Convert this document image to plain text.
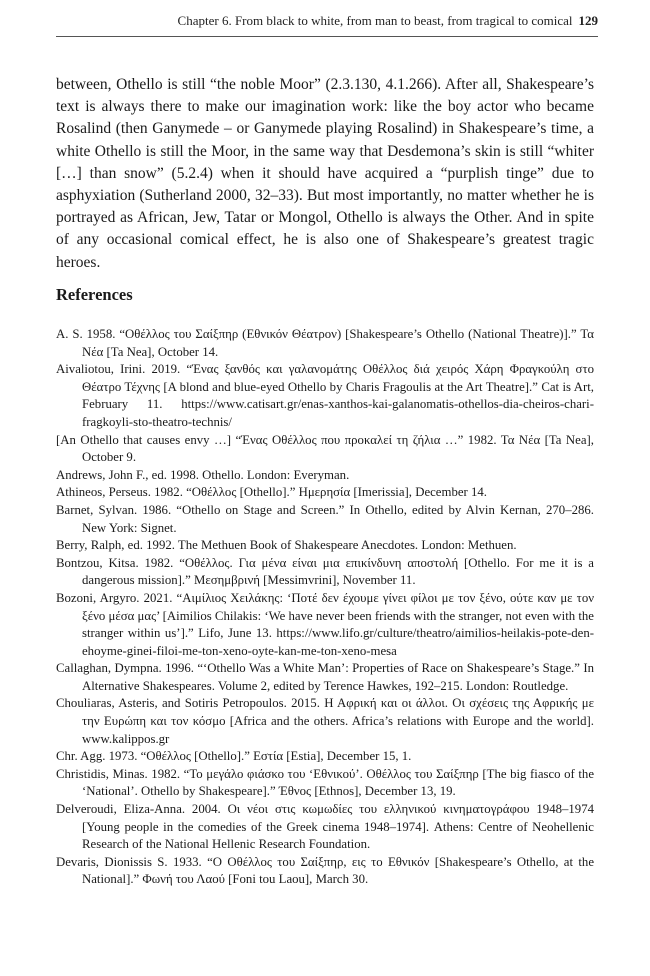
Chapter 6. From black to white, from man to beast, from tragical to comical 129

between, Othello is still “the noble Moor” (2.3.130, 4.1.266). After all, Shakespeare’s text is always there to make our imagination work: like the boy actor who became Rosalind (then Ganymede – or Ganymede playing Rosalind) in Shakespeare’s time, a white Othello is still the Moor, in the same way that Desdemona’s skin is still “whiter […] than snow” (5.2.4) when it should have acquired a “purplish tinge” due to asphyxiation (Sutherland 2000, 32–33). But most importantly, no matter whether he is portrayed as African, Jew, Tatar or Mongol, Othello is always the Other. And in spite of any occasional comical effect, he is also one of Shakespeare’s greatest tragic heroes.

References
A. S. 1958. “Οθέλλος του Σαίξπηρ (Εθνικόν Θέατρον) [Shakespeare’s Othello (National Theatre)].” Τα Νέα [Ta Nea], October 14.
Aivaliotou, Irini. 2019. “Ένας ξανθός και γαλανομάτης Οθέλλος διά χειρός Χάρη Φραγκούλη στο Θέατρο Τέχνης [A blond and blue-eyed Othello by Charis Fragoulis at the Art Theatre].” Cat is Art, February 11. https://www.catisart.gr/enas-xanthos-kai-galanomatis-othellos-dia-cheiros-chari-fragkoyli-sto-theatro-technis/
[An Othello that causes envy …] “Ένας Οθέλλος που προκαλεί τη ζήλια …” 1982. Τα Νέα [Ta Nea], October 9.
Andrews, John F., ed. 1998. Othello. London: Everyman.
Athineos, Perseus. 1982. “Οθέλλος [Othello].” Ημερησία [Imerissia], December 14.
Barnet, Sylvan. 1986. “Othello on Stage and Screen.” In Othello, edited by Alvin Kernan, 270–286. New York: Signet.
Berry, Ralph, ed. 1992. The Methuen Book of Shakespeare Anecdotes. London: Methuen.
Bontzou, Kitsa. 1982. “Οθέλλος. Για μένα είναι μια επικίνδυνη αποστολή [Othello. For me it is a dangerous mission].” Μεσημβρινή [Messimvrini], November 11.
Bozoni, Argyro. 2021. “Αιμίλιος Χειλάκης: ‘Ποτέ δεν έχουμε γίνει φίλοι με τον ξένο, ούτε καν με τον ξένο μέσα μας’ [Aimilios Chilakis: ‘We have never been friends with the stranger, not even with the stranger within us’].” Lifo, June 13. https://www.lifo.gr/culture/theatro/aimilios-heilakis-pote-den-ehoyme-ginei-filoi-me-ton-xeno-oyte-kan-me-ton-xeno-mesa
Callaghan, Dympna. 1996. “‘Othello Was a White Man’: Properties of Race on Shakespeare’s Stage.” In Alternative Shakespeares. Volume 2, edited by Terence Hawkes, 192–215. London: Routledge.
Chouliaras, Asteris, and Sotiris Petropoulos. 2015. Η Αφρική και οι άλλοι. Οι σχέσεις της Αφρικής με την Ευρώπη και τον κόσμο [Africa and the others. Africa’s relations with Europe and the world]. www.kalippos.gr
Chr. Agg. 1973. “Οθέλλος [Othello].” Εστία [Estia], December 15, 1.
Christidis, Minas. 1982. “Το μεγάλο φιάσκο του ‘Εθνικού’. Οθέλλος του Σαίξπηρ [The big fiasco of the ‘National’. Othello by Shakespeare].” Έθνος [Ethnos], December 13, 19.
Delveroudi, Eliza-Anna. 2004. Οι νέοι στις κωμωδίες του ελληνικού κινηματογράφου 1948–1974 [Young people in the comedies of the Greek cinema 1948–1974]. Athens: Centre of Neohellenic Research of the National Hellenic Research Foundation.
Devaris, Dionissis S. 1933. “Ο Οθέλλος του Σαίξπηρ, εις το Εθνικόν [Shakespeare’s Othello, at the National].” Φωνή του Λαού [Foni tou Laou], March 30.
